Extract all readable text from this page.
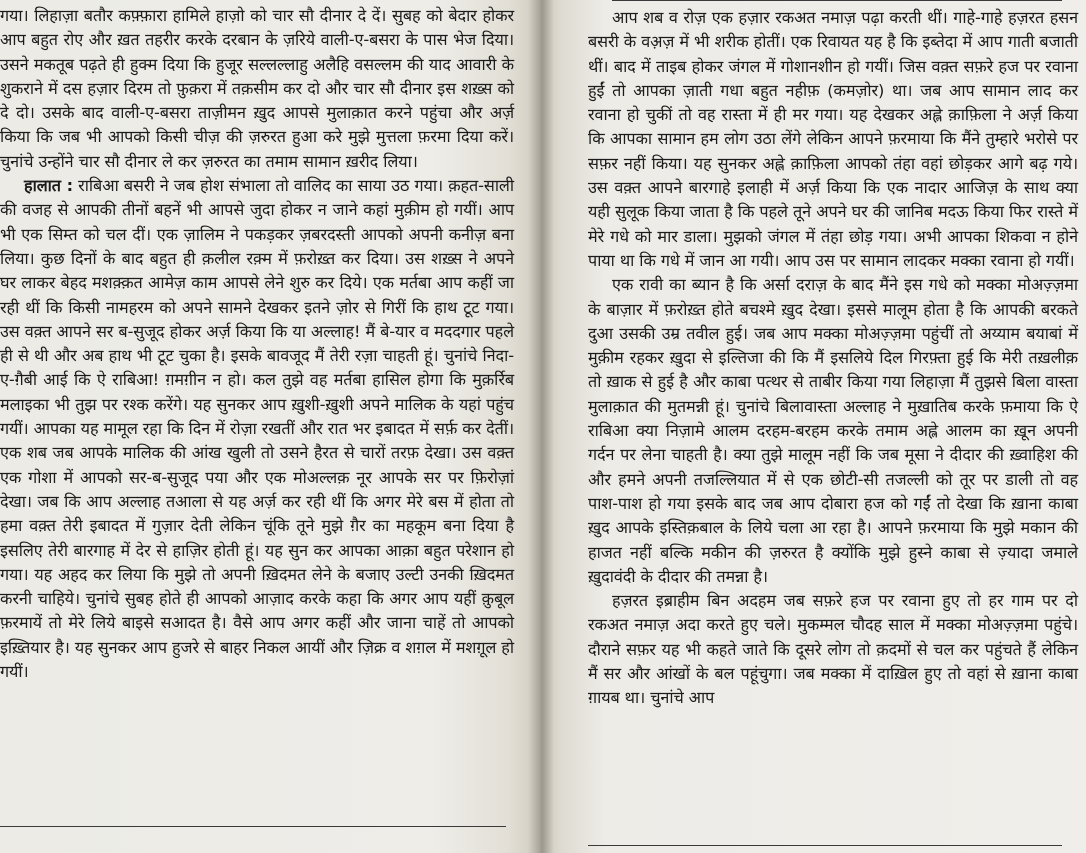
गया। लिहाज़ा बतौर कफ़्फ़ारा हामिले हाज़ो को चार सौ दीनार दे दें। सुबह को बेदार होकर आप बहुत रोए और ख़त तहरीर करके दरबान के ज़रिये वाली-ए-बसरा के पास भेज दिया। उसने मकतूब पढ़ते ही हुक्म दिया कि हुजूर सल्लल्लाहु अलैहि वसल्लम की याद आवारी के शुकराने में दस हज़ार दिरम तो फ़ुक़रा में तक़सीम कर दो और चार सौ दीनार इस शख़्स को दे दो। उसके बाद वाली-ए-बसरा ताज़ीमन ख़ुद आपसे मुलाक़ात करने पहुंचा और अर्ज़ किया कि जब भी आपको किसी चीज़ की ज़रुरत हुआ करे मुझे मुत्तला फ़रमा दिया करें। चुनांचे उन्होंने चार सौ दीनार ले कर ज़रुरत का तमाम सामान ख़रीद लिया।

हालात : राबिआ बसरी ने जब होश संभाला तो वालिद का साया उठ गया। क़हत-साली की वजह से आपकी तीनों बहनें भी आपसे जुदा होकर न जाने कहां मुक़ीम हो गयीं। आप भी एक सिम्त को चल दीं। एक ज़ालिम ने पकड़कर ज़बरदस्ती आपको अपनी कनीज़ बना लिया। कुछ दिनों के बाद बहुत ही क़लील रक़्म में फ़रोख़्त कर दिया। उस शख़्स ने अपने घर लाकर बेहद मशक़्क़त आमेज़ काम आपसे लेने शुरु कर दिये। एक मर्तबा आप कहीं जा रही थीं कि किसी नामहरम को अपने सामने देखकर इतने ज़ोर से गिरीं कि हाथ टूट गया। उस वक़्त आपने सर ब-सुजूद होकर अर्ज़ किया कि या अल्लाह! मैं बे-यार व मददगार पहले ही से थी और अब हाथ भी टूट चुका है। इसके बावजूद मैं तेरी रज़ा चाहती हूं। चुनांचे निदा-ए-ग़ैबी आई कि ऐ राबिआ! ग़मग़ीन न हो। कल तुझे वह मर्तबा हासिल होगा कि मुक़र्रिब मलाइका भी तुझ पर रश्क करेंगे। यह सुनकर आप ख़ुशी-ख़ुशी अपने मालिक के यहां पहुंच गयीं। आपका यह मामूल रहा कि दिन में रोज़ा रखतीं और रात भर इबादत में सर्फ़ कर देतीं। एक शब जब आपके मालिक की आंख खुली तो उसने हैरत से चारों तरफ़ देखा। उस वक़्त एक गोशा में आपको सर-ब-सुजूद पया और एक मोअल्लक़ नूर आपके सर पर फ़िरोज़ां देखा। जब कि आप अल्लाह तआला से यह अर्ज़ कर रही थीं कि अगर मेरे बस में होता तो हमा वक़्त तेरी इबादत में गुज़ार देती लेकिन चूंकि तूने मुझे ग़ैर का महकूम बना दिया है इसलिए तेरी बारगाह में देर से हाज़िर होती हूं। यह सुन कर आपका आक़ा बहुत परेशान हो गया। यह अहद कर लिया कि मुझे तो अपनी ख़िदमत लेने के बजाए उल्टी उनकी ख़िदमत करनी चाहिये। चुनांचे सुबह होते ही आपको आज़ाद करके कहा कि अगर आप यहीं क़ुबूल फ़रमायें तो मेरे लिये बाइसे सआदत है। वैसे आप अगर कहीं और जाना चाहें तो आपको इख़्तियार है। यह सुनकर आप हुजरे से बाहर निकल आयीं और ज़िक्र व शग़ल में मशग़ूल हो गयीं।

आप शब व रोज़ एक हज़ार रकअत नमाज़ पढ़ा करती थीं। गाहे-गाहे हज़रत हसन बसरी के वअ़ज़ में भी शरीक होतीं। एक रिवायत यह है कि इब्तेदा में आप गाती बजाती थीं। बाद में ताइब होकर जंगल में गोशानशीन हो गयीं। जिस वक़्त सफ़रे हज पर रवाना हुईं तो आपका ज़ाती गधा बहुत नहीफ़ (कमज़ोर) था। जब आप सामान लाद कर रवाना हो चुकीं तो वह रास्ता में ही मर गया। यह देखकर अह्ले क़ाफ़िला ने अर्ज़ किया कि आपका सामान हम लोग उठा लेंगे लेकिन आपने फ़रमाया कि मैंने तुम्हारे भरोसे पर सफ़र नहीं किया। यह सुनकर अह्ले क़ाफ़िला आपको तंहा वहां छोड़कर आगे बढ़ गये। उस वक़्त आपने बारगाहे इलाही में अर्ज़ किया कि एक नादार आजिज़ के साथ क्या यही सुलूक किया जाता है कि पहले तूने अपने घर की जानिब मदऊ किया फिर रास्ते में मेरे गधे को मार डाला। मुझको जंगल में तंहा छोड़ गया। अभी आपका शिकवा न होने पाया था कि गधे में जान आ गयी। आप उस पर सामान लादकर मक्का रवाना हो गयीं।

एक रावी का ब्यान है कि अर्सा दराज़ के बाद मैंने इस गधे को मक्का मोअज़्ज़मा के बाज़ार में फ़रोख़्त होते बचश्मे ख़ुद देखा। इससे मालूम होता है कि आपकी बरकते दुआ उसकी उम्र तवील हुई। जब आप मक्का मोअज़्ज़मा पहुंचीं तो अय्याम बयाबां में मुक़ीम रहकर ख़ुदा से इल्तिजा की कि मैं इसलिये दिल गिरफ़्ता हुई कि मेरी तख़लीक़ तो ख़ाक से हुई है और काबा पत्थर से ताबीर किया गया लिहाज़ा मैं तुझसे बिला वास्ता मुलाक़ात की मुतमन्नी हूं। चुनांचे बिलावास्ता अल्लाह ने मुख़ातिब करके फ़माया कि ऐ राबिआ क्या निज़ामे आलम दरहम-बरहम करके तमाम अह्ले आलम का ख़ून अपनी गर्दन पर लेना चाहती है। क्या तुझे मालूम नहीं कि जब मूसा ने दीदार की ख़्वाहिश की और हमने अपनी तजल्लियात में से एक छोटी-सी तजल्ली को तूर पर डाली तो वह पाश-पाश हो गया इसके बाद जब आप दोबारा हज को गईं तो देखा कि ख़ाना काबा ख़ुद आपके इस्तिक़बाल के लिये चला आ रहा है। आपने फ़रमाया कि मुझे मकान की हाजत नहीं बल्कि मकीन की ज़रुरत है क्योंकि मुझे हुस्ने काबा से ज़्यादा जमाले ख़ुदावंदी के दीदार की तमन्ना है।

हज़रत इब्राहीम बिन अदहम जब सफ़रे हज पर रवाना हुए तो हर गाम पर दो रकअत नमाज़ अदा करते हुए चले। मुकम्मल चौदह साल में मक्का मोअज़्ज़मा पहुंचे। दौराने सफ़र यह भी कहते जाते कि दूसरे लोग तो क़दमों से चल कर पहुंचते हैं लेकिन मैं सर और आंखों के बल पहूंचुगा। जब मक्का में दाख़िल हुए तो वहां से ख़ाना काबा ग़ायब था। चुनांचे आप
